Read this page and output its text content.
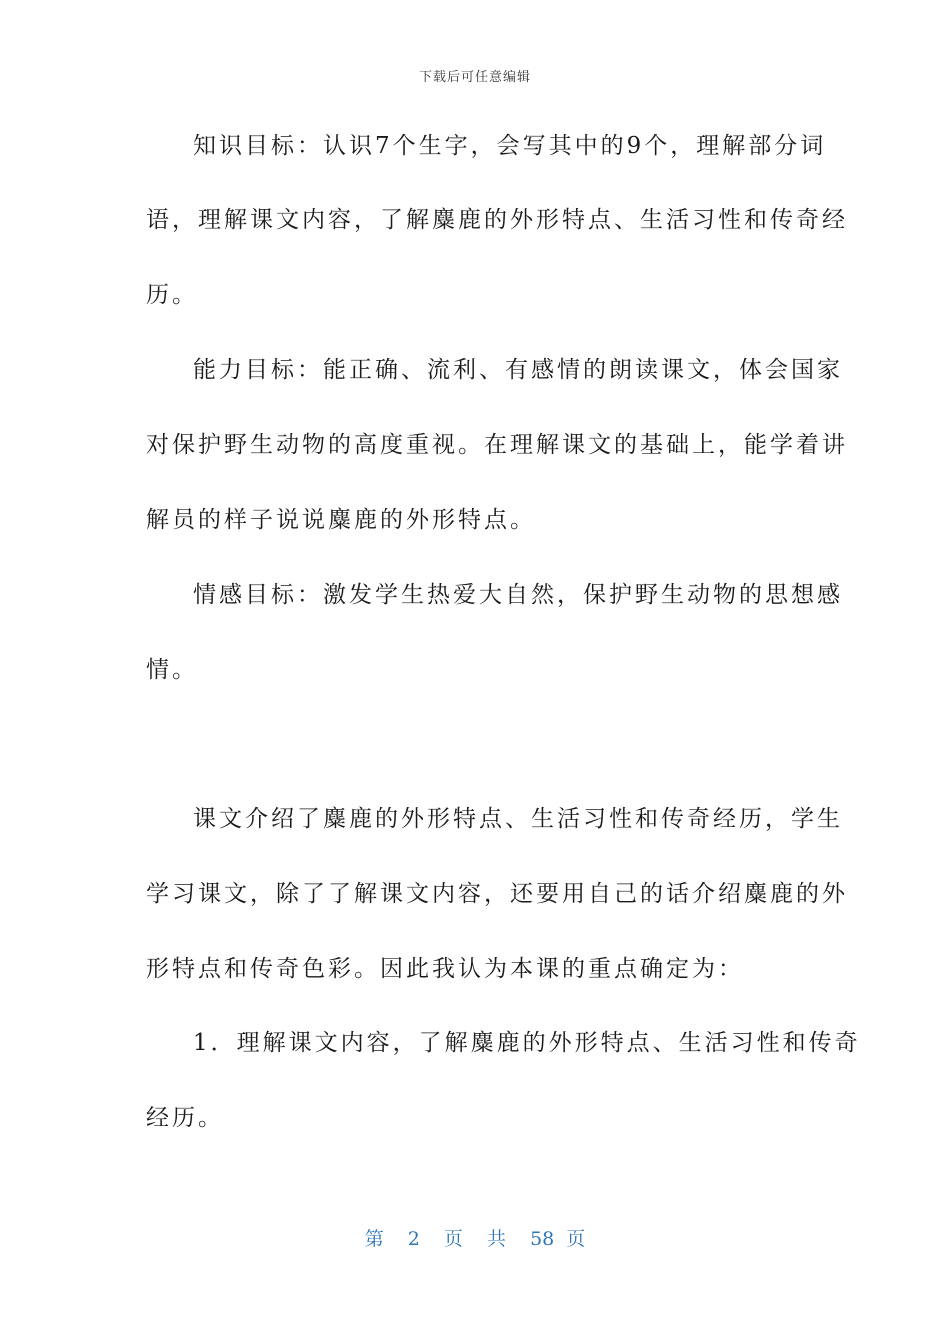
下载后可任意编辑
知识目标：认识7个生字，会写其中的9个，理解部分词
语，理解课文内容，了解麋鹿的外形特点、生活习性和传奇经
历。
能力目标：能正确、流利、有感情的朗读课文，体会国家
对保护野生动物的高度重视。在理解课文的基础上，能学着讲
解员的样子说说麋鹿的外形特点。
情感目标：激发学生热爱大自然，保护野生动物的思想感
情。
课文介绍了麋鹿的外形特点、生活习性和传奇经历，学生
学习课文，除了了解课文内容，还要用自己的话介绍麋鹿的外
形特点和传奇色彩。因此我认为本课的重点确定为：
1．理解课文内容，了解麋鹿的外形特点、生活习性和传奇
经历。
第  2  页  共  58 页
